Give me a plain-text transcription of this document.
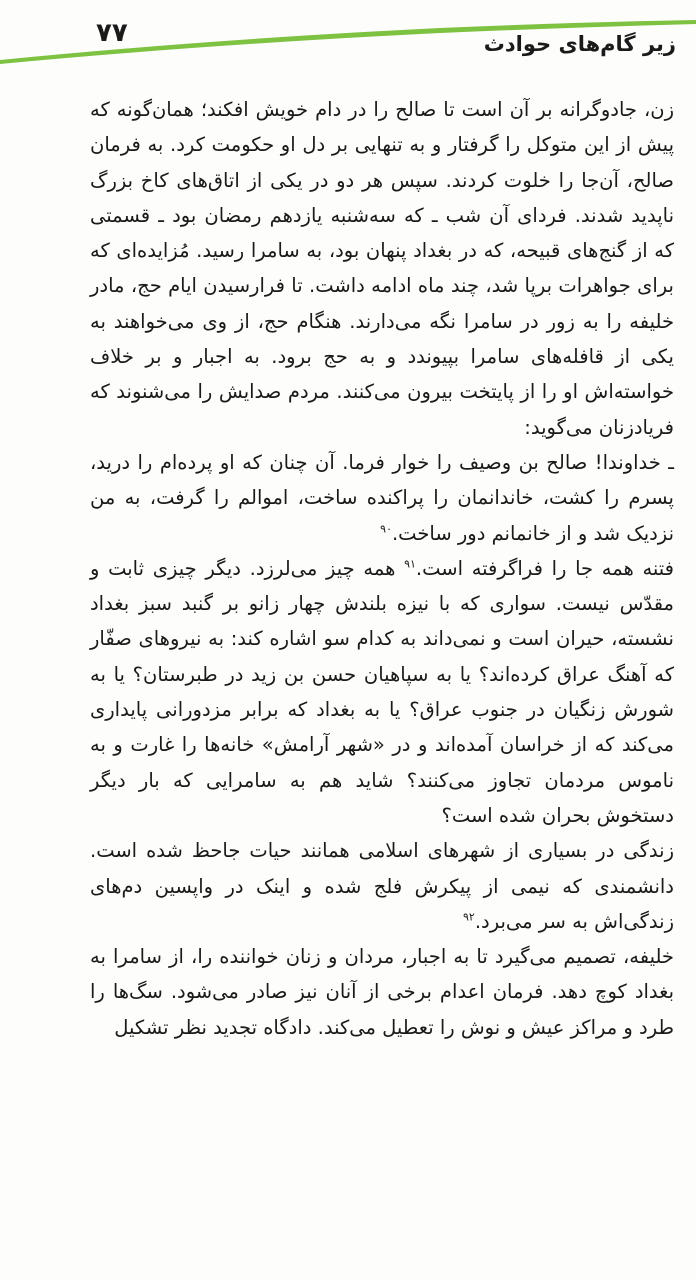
زیر گام‌های حوادث
۷۷

زن، جادوگرانه بر آن است تا صالح را در دام خویش افکند؛ همان‌گونه که پیش از این متوکل را گرفتار و به تنهایی بر دل او حکومت کرد. به فرمان صالح، آن‌جا را خلوت کردند. سپس هر دو در یکی از اتاق‌های کاخ بزرگ ناپدید شدند. فردای آن شب ـ که سه‌شنبه یازدهم رمضان بود ـ قسمتی که از گنج‌های قبیحه، که در بغداد پنهان بود، به سامرا رسید. مُزایده‌ای که برای جواهرات برپا شد، چند ماه ادامه داشت. تا فرارسیدن ایام حج، مادر خلیفه را به زور در سامرا نگه می‌دارند. هنگام حج، از وی می‌خواهند به یکی از قافله‌های سامرا بپیوندد و به حج برود. به اجبار و بر خلاف خواسته‌اش او را از پایتخت بیرون می‌کنند. مردم صدایش را می‌شنوند که فریادزنان می‌گوید:

ـ خداوندا! صالح بن وصیف را خوار فرما. آن چنان که او پرده‌ام را درید، پسرم را کشت، خاندانمان را پراکنده ساخت، اموالم را گرفت، به من نزدیک شد و از خانمانم دور ساخت.$^{۹۰}$

فتنه همه جا را فراگرفته است.$^{۹۱}$ همه چیز می‌لرزد. دیگر چیزی ثابت و مقدّس نیست. سواری که با نیزه بلندش چهار زانو بر گنبد سبز بغداد نشسته، حیران است و نمی‌داند به کدام سو اشاره کند: به نیروهای صفّار که آهنگ عراق کرده‌اند؟ یا به سپاهیان حسن بن زید در طبرستان؟ یا به شورش زنگیان در جنوب عراق؟ یا به بغداد که برابر مزدورانی پایداری می‌کند که از خراسان آمده‌اند و در «شهر آرامش» خانه‌ها را غارت و به ناموس مردمان تجاوز می‌کنند؟ شاید هم به سامرایی که بار دیگر دستخوش بحران شده است؟

زندگی در بسیاری از شهرهای اسلامی همانند حیات جاحظ شده است. دانشمندی که نیمی از پیکرش فلج شده و اینک در واپسین دم‌های زندگی‌اش به سر می‌برد.$^{۹۲}$

خلیفه، تصمیم می‌گیرد تا به اجبار، مردان و زنان خواننده را، از سامرا به بغداد کوچ دهد. فرمان اعدام برخی از آنان نیز صادر می‌شود. سگ‌ها را طرد و مراکز عیش و نوش را تعطیل می‌کند. دادگاه تجدید نظر تشکیل
